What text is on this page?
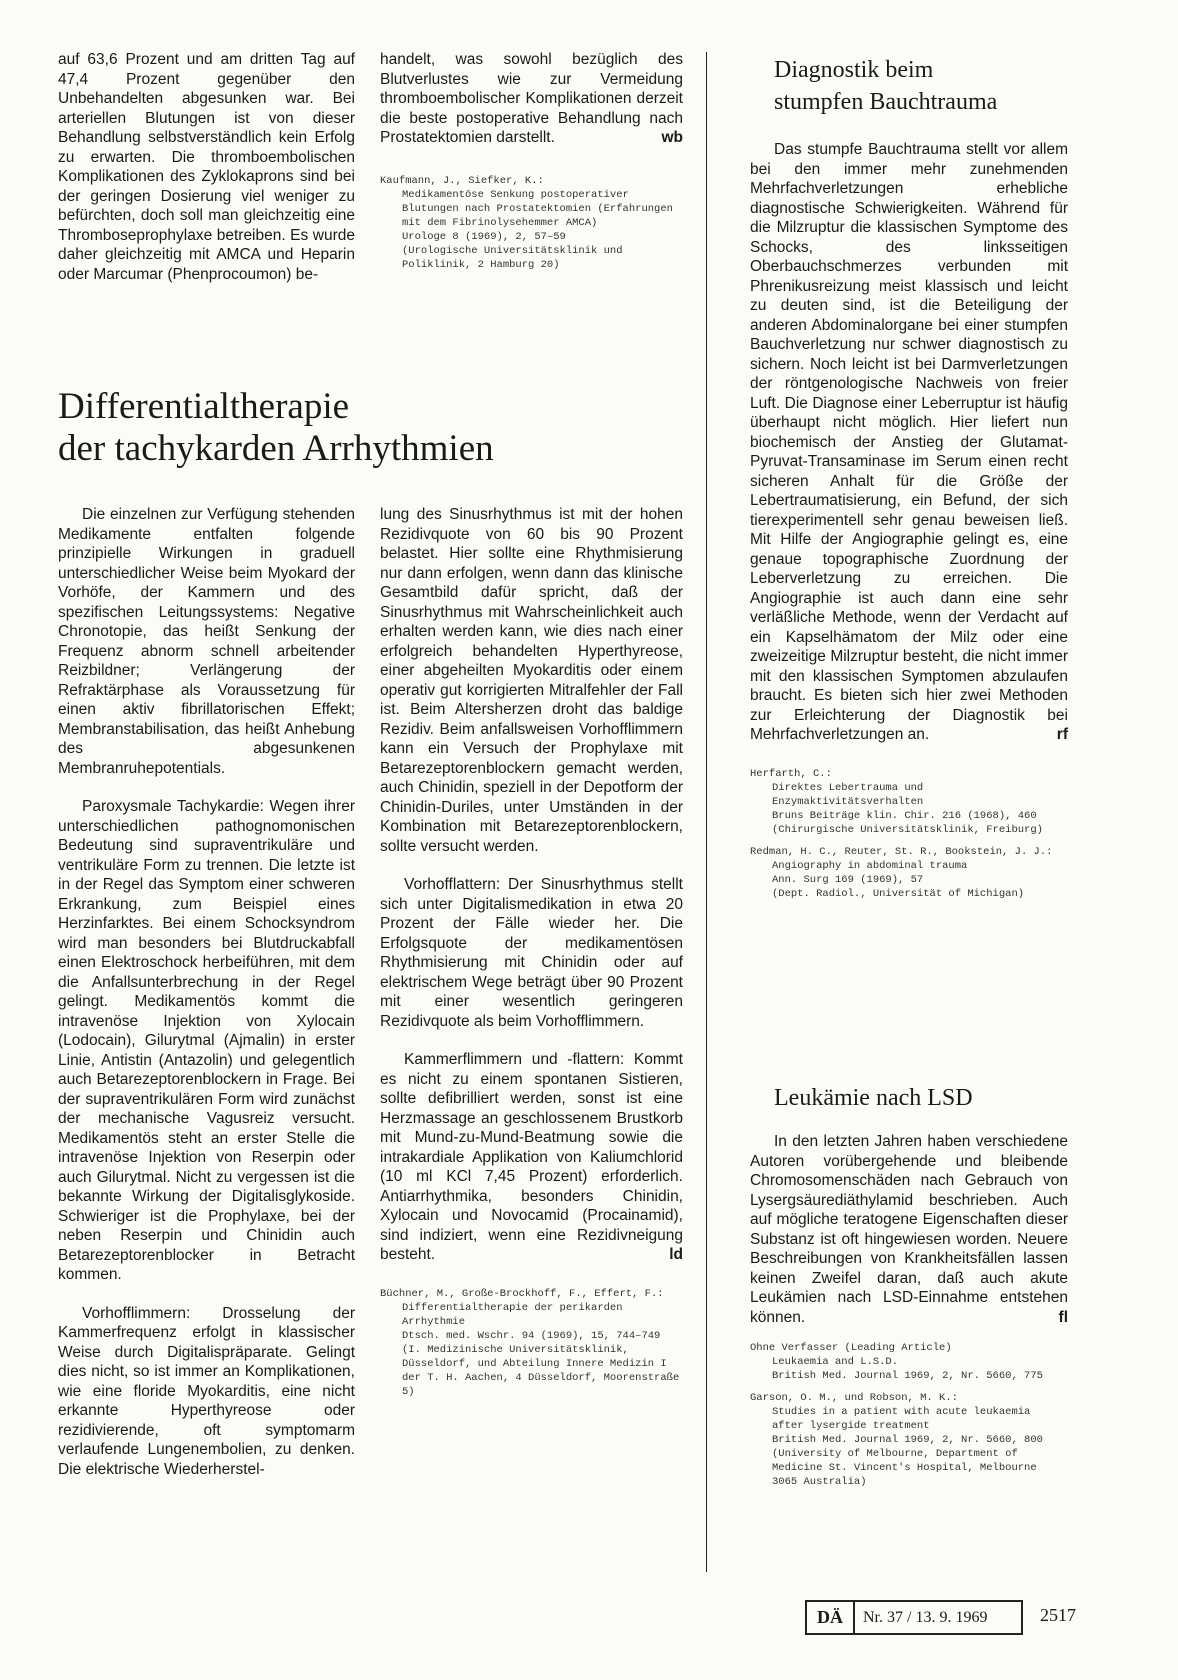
auf 63,6 Prozent und am dritten Tag auf 47,4 Prozent gegenüber den Unbehandelten abgesunken war. Bei arteriellen Blutungen ist von dieser Behandlung selbstverständlich kein Erfolg zu erwarten. Die thromboembolischen Komplikationen des Zyklokaprons sind bei der geringen Dosierung viel weniger zu befürchten, doch soll man gleichzeitig eine Thromboseprophylaxe betreiben. Es wurde daher gleichzeitig mit AMCA und Heparin oder Marcumar (Phenprocoumon) be-

handelt, was sowohl bezüglich des Blutverlustes wie zur Vermeidung thromboembolischer Komplikationen derzeit die beste postoperative Behandlung nach Prostatektomien darstellt.	wb

Kaufmann, J., Siefker, K.:
Medikamentöse Senkung postoperativer Blutungen nach Prostatektomien (Erfahrungen mit dem Fibrinolysehemmer AMCA)
Urologe 8 (1969), 2, 57–59
(Urologische Universitätsklinik und Poliklinik, 2 Hamburg 20)
Differentialtherapie
der tachykarden Arrhythmien

Die einzelnen zur Verfügung stehenden Medikamente entfalten folgende prinzipielle Wirkungen in graduell unterschiedlicher Weise beim Myokard der Vorhöfe, der Kammern und des spezifischen Leitungssystems: Negative Chronotopie, das heißt Senkung der Frequenz abnorm schnell arbeitender Reizbildner; Verlängerung der Refraktärphase als Voraussetzung für einen aktiv fibrillatorischen Effekt; Membranstabilisation, das heißt Anhebung des abgesunkenen Membranruhepotentials.

Paroxysmale Tachykardie: Wegen ihrer unterschiedlichen pathognomonischen Bedeutung sind supraventrikuläre und ventrikuläre Form zu trennen. Die letzte ist in der Regel das Symptom einer schweren Erkrankung, zum Beispiel eines Herzinfarktes. Bei einem Schocksyndrom wird man besonders bei Blutdruckabfall einen Elektroschock herbeiführen, mit dem die Anfallsunterbrechung in der Regel gelingt. Medikamentös kommt die intravenöse Injektion von Xylocain (Lodocain), Gilurytmal (Ajmalin) in erster Linie, Antistin (Antazolin) und gelegentlich auch Betarezeptorenblockern in Frage. Bei der supraventrikulären Form wird zunächst der mechanische Vagusreiz versucht. Medikamentös steht an erster Stelle die intravenöse Injektion von Reserpin oder auch Gilurytmal. Nicht zu vergessen ist die bekannte Wirkung der Digitalisglykoside. Schwieriger ist die Prophylaxe, bei der neben Reserpin und Chinidin auch Betarezeptorenblocker in Betracht kommen.

Vorhofflimmern: Drosselung der Kammerfrequenz erfolgt in klassischer Weise durch Digitalispräparate. Gelingt dies nicht, so ist immer an Komplikationen, wie eine floride Myokarditis, eine nicht erkannte Hyperthyreose oder rezidivierende, oft symptomarm verlaufende Lungenembolien, zu denken. Die elektrische Wiederherstel-

lung des Sinusrhythmus ist mit der hohen Rezidivquote von 60 bis 90 Prozent belastet. Hier sollte eine Rhythmisierung nur dann erfolgen, wenn dann das klinische Gesamtbild dafür spricht, daß der Sinusrhythmus mit Wahrscheinlichkeit auch erhalten werden kann, wie dies nach einer erfolgreich behandelten Hyperthyreose, einer abgeheilten Myokarditis oder einem operativ gut korrigierten Mitralfehler der Fall ist. Beim Altersherzen droht das baldige Rezidiv. Beim anfallsweisen Vorhofflimmern kann ein Versuch der Prophylaxe mit Betarezeptorenblockern gemacht werden, auch Chinidin, speziell in der Depotform der Chinidin-Duriles, unter Umständen in der Kombination mit Betarezeptorenblockern, sollte versucht werden.

Vorhofflattern: Der Sinusrhythmus stellt sich unter Digitalismedikation in etwa 20 Prozent der Fälle wieder her. Die Erfolgsquote der medikamentösen Rhythmisierung mit Chinidin oder auf elektrischem Wege beträgt über 90 Prozent mit einer wesentlich geringeren Rezidivquote als beim Vorhofflimmern.

Kammerflimmern und -flattern: Kommt es nicht zu einem spontanen Sistieren, sollte defibrilliert werden, sonst ist eine Herzmassage an geschlossenem Brustkorb mit Mund-zu-Mund-Beatmung sowie die intrakardiale Applikation von Kaliumchlorid (10 ml KCl 7,45 Prozent) erforderlich. Antiarrhythmika, besonders Chinidin, Xylocain und Novocamid (Procainamid), sind indiziert, wenn eine Rezidivneigung besteht.	ld

Büchner, M., Große-Brockhoff, F., Effert, F.:
Differentialtherapie der perikarden Arrhythmie
Dtsch. med. Wschr. 94 (1969), 15, 744–749
(I. Medizinische Universitätsklinik, Düsseldorf, und Abteilung Innere Medizin I der T. H. Aachen, 4 Düsseldorf, Moorenstraße 5)
Diagnostik beim
stumpfen Bauchtrauma

Das stumpfe Bauchtrauma stellt vor allem bei den immer mehr zunehmenden Mehrfachverletzungen erhebliche diagnostische Schwierigkeiten. Während für die Milzruptur die klassischen Symptome des Schocks, des linksseitigen Oberbauchschmerzes verbunden mit Phrenikusreizung meist klassisch und leicht zu deuten sind, ist die Beteiligung der anderen Abdominalorgane bei einer stumpfen Bauchverletzung nur schwer diagnostisch zu sichern. Noch leicht ist bei Darmverletzungen der röntgenologische Nachweis von freier Luft. Die Diagnose einer Leberruptur ist häufig überhaupt nicht möglich. Hier liefert nun biochemisch der Anstieg der Glutamat-Pyruvat-Transaminase im Serum einen recht sicheren Anhalt für die Größe der Lebertraumatisierung, ein Befund, der sich tierexperimentell sehr genau beweisen ließ. Mit Hilfe der Angiographie gelingt es, eine genaue topographische Zuordnung der Leberverletzung zu erreichen. Die Angiographie ist auch dann eine sehr verläßliche Methode, wenn der Verdacht auf ein Kapselhämatom der Milz oder eine zweizeitige Milzruptur besteht, die nicht immer mit den klassischen Symptomen abzulaufen braucht. Es bieten sich hier zwei Methoden zur Erleichterung der Diagnostik bei Mehrfachverletzungen an.	rf

Herfarth, C.:
Direktes Lebertrauma und Enzymaktivitätsverhalten
Bruns Beiträge klin. Chir. 216 (1968), 460
(Chirurgische Universitätsklinik, Freiburg)
Redman, H. C., Reuter, St. R., Bookstein, J. J.:
Angiography in abdominal trauma
Ann. Surg 169 (1969), 57
(Dept. Radiol., Universität of Michigan)
Leukämie nach LSD

In den letzten Jahren haben verschiedene Autoren vorübergehende und bleibende Chromosomenschäden nach Gebrauch von Lysergsäurediäthylamid beschrieben. Auch auf mögliche teratogene Eigenschaften dieser Substanz ist oft hingewiesen worden. Neuere Beschreibungen von Krankheitsfällen lassen keinen Zweifel daran, daß auch akute Leukämien nach LSD-Einnahme entstehen können.	fl

Ohne Verfasser (Leading Article)
Leukaemia and L.S.D.
British Med. Journal 1969, 2, Nr. 5660, 775
Garson, O. M., und Robson, M. K.:
Studies in a patient with acute leukaemia after lysergide treatment
British Med. Journal 1969, 2, Nr. 5660, 800
(University of Melbourne, Department of Medicine St. Vincent's Hospital, Melbourne 3065 Australia)
DÄ	Nr. 37 / 13. 9. 1969	2517
